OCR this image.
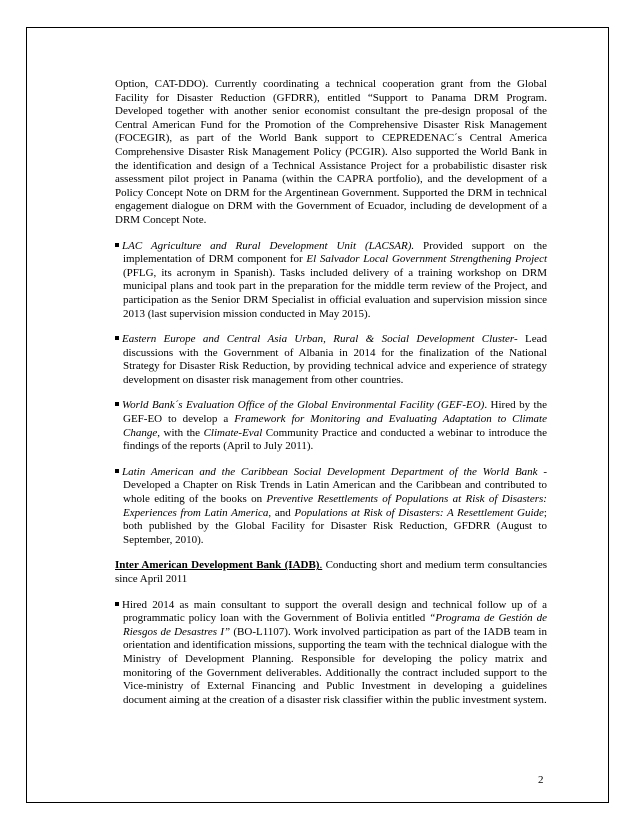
Option, CAT-DDO). Currently coordinating a technical cooperation grant from the Global Facility for Disaster Reduction (GFDRR), entitled “Support to Panama DRM Program. Developed together with another senior economist consultant the pre-design proposal of the Central American Fund for the Promotion of the Comprehensive Disaster Risk Management (FOCEGIR), as part of the World Bank support to CEPREDENAC´s Central America Comprehensive Disaster Risk Management Policy (PCGIR). Also supported the World Bank in the identification and design of a Technical Assistance Project for a probabilistic disaster risk assessment pilot project in Panama (within the CAPRA portfolio), and the development of a Policy Concept Note on DRM for the Argentinean Government. Supported the DRM in technical engagement dialogue on DRM with the Government of Ecuador, including de development of a DRM Concept Note.

LAC Agriculture and Rural Development Unit (LACSAR). Provided support on the implementation of DRM component for El Salvador Local Government Strengthening Project (PFLG, its acronym in Spanish). Tasks included delivery of a training workshop on DRM municipal plans and took part in the preparation for the middle term review of the Project, and participation as the Senior DRM Specialist in official evaluation and supervision mission since 2013 (last supervision mission conducted in May 2015).

Eastern Europe and Central Asia Urban, Rural & Social Development Cluster- Lead discussions with the Government of Albania in 2014 for the finalization of the National Strategy for Disaster Risk Reduction, by providing technical advice and experience of strategy development on disaster risk management from other countries.

World Bank´s Evaluation Office of the Global Environmental Facility (GEF-EO). Hired by the GEF-EO to develop a Framework for Monitoring and Evaluating Adaptation to Climate Change, with the Climate-Eval Community Practice and conducted a webinar to introduce the findings of the reports (April to July 2011).

Latin American and the Caribbean Social Development Department of the World Bank - Developed a Chapter on Risk Trends in Latin American and the Caribbean and contributed to whole editing of the books on Preventive Resettlements of Populations at Risk of Disasters: Experiences from Latin America, and Populations at Risk of Disasters: A Resettlement Guide; both published by the Global Facility for Disaster Risk Reduction, GFDRR (August to September, 2010).

Inter American Development Bank (IADB). Conducting short and medium term consultancies since April 2011

Hired 2014 as main consultant to support the overall design and technical follow up of a programmatic policy loan with the Government of Bolivia entitled “Programa de Gestión de Riesgos de Desastres I” (BO-L1107). Work involved participation as part of the IADB team in orientation and identification missions, supporting the team with the technical dialogue with the Ministry of Development Planning. Responsible for developing the policy matrix and monitoring of the Government deliverables. Additionally the contract included support to the Vice-ministry of External Financing and Public Investment in developing a guidelines document aiming at the creation of a disaster risk classifier within the public investment system.

2
